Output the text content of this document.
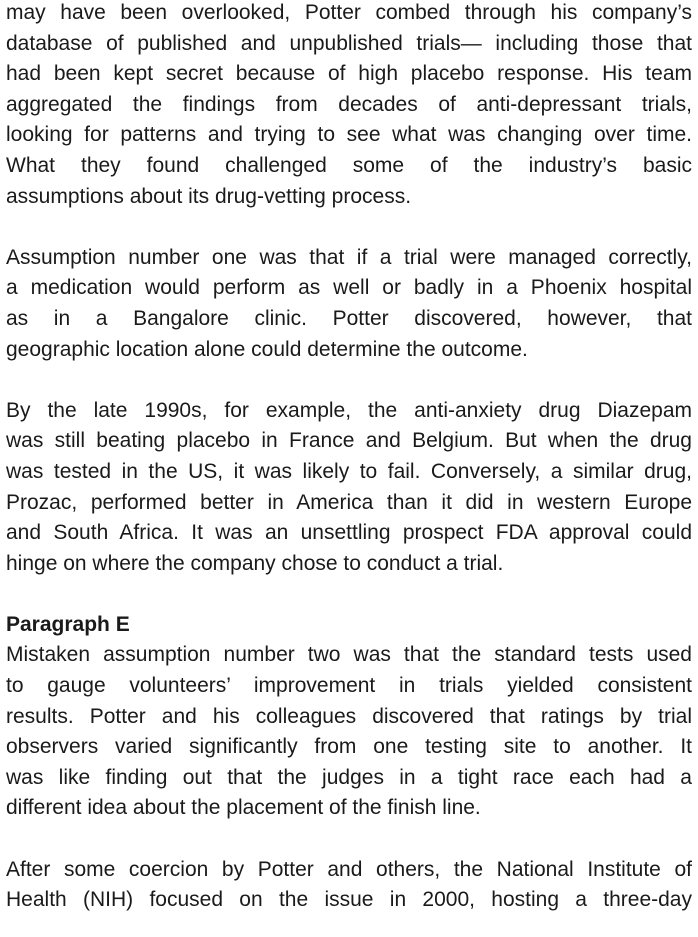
may have been overlooked, Potter combed through his company’s
database of published and unpublished trials— including those that
had been kept secret because of high placebo response. His team
aggregated the findings from decades of anti-depressant trials,
looking for patterns and trying to see what was changing over time.
What they found challenged some of the industry’s basic
assumptions about its drug-vetting process.

Assumption number one was that if a trial were managed correctly,
a medication would perform as well or badly in a Phoenix hospital
as in a Bangalore clinic. Potter discovered, however, that
geographic location alone could determine the outcome.

By the late 1990s, for example, the anti-anxiety drug Diazepam
was still beating placebo in France and Belgium. But when the drug
was tested in the US, it was likely to fail. Conversely, a similar drug,
Prozac, performed better in America than it did in western Europe
and South Africa. It was an unsettling prospect FDA approval could
hinge on where the company chose to conduct a trial.

Paragraph E
Mistaken assumption number two was that the standard tests used
to gauge volunteers’ improvement in trials yielded consistent
results. Potter and his colleagues discovered that ratings by trial
observers varied significantly from one testing site to another. It
was like finding out that the judges in a tight race each had a
different idea about the placement of the finish line.

After some coercion by Potter and others, the National Institute of
Health (NIH) focused on the issue in 2000, hosting a three-day
